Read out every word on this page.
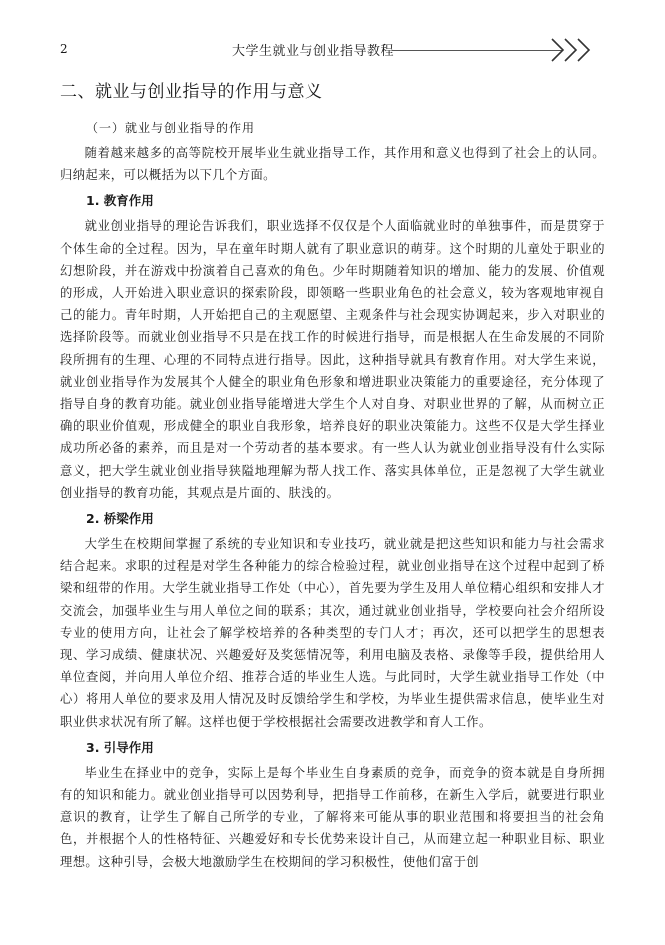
2	大学生就业与创业指导教程
二、就业与创业指导的作用与意义
（一）就业与创业指导的作用

随着越来越多的高等院校开展毕业生就业指导工作，其作用和意义也得到了社会上的认同。归纳起来，可以概括为以下几个方面。

1. 教育作用

就业创业指导的理论告诉我们，职业选择不仅仅是个人面临就业时的单独事件，而是贯穿于个体生命的全过程。因为，早在童年时期人就有了职业意识的萌芽。这个时期的儿童处于职业的幻想阶段，并在游戏中扮演着自己喜欢的角色。少年时期随着知识的增加、能力的发展、价值观的形成，人开始进入职业意识的探索阶段，即领略一些职业角色的社会意义，较为客观地审视自己的能力。青年时期，人开始把自己的主观愿望、主观条件与社会现实协调起来，步入对职业的选择阶段等。而就业创业指导不只是在找工作的时候进行指导，而是根据人在生命发展的不同阶段所拥有的生理、心理的不同特点进行指导。因此，这种指导就具有教育作用。对大学生来说，就业创业指导作为发展其个人健全的职业角色形象和增进职业决策能力的重要途径，充分体现了指导自身的教育功能。就业创业指导能增进大学生个人对自身、对职业世界的了解，从而树立正确的职业价值观，形成健全的职业自我形象，培养良好的职业决策能力。这些不仅是大学生择业成功所必备的素养，而且是对一个劳动者的基本要求。有一些人认为就业创业指导没有什么实际意义，把大学生就业创业指导狭隘地理解为帮人找工作、落实具体单位，正是忽视了大学生就业创业指导的教育功能，其观点是片面的、肤浅的。

2. 桥梁作用

大学生在校期间掌握了系统的专业知识和专业技巧，就业就是把这些知识和能力与社会需求结合起来。求职的过程是对学生各种能力的综合检验过程，就业创业指导在这个过程中起到了桥梁和纽带的作用。大学生就业指导工作处（中心），首先要为学生及用人单位精心组织和安排人才交流会，加强毕业生与用人单位之间的联系；其次，通过就业创业指导，学校要向社会介绍所设专业的使用方向，让社会了解学校培养的各种类型的专门人才；再次，还可以把学生的思想表现、学习成绩、健康状况、兴趣爱好及奖惩情况等，利用电脑及表格、录像等手段，提供给用人单位查阅，并向用人单位介绍、推荐合适的毕业生人选。与此同时，大学生就业指导工作处（中心）将用人单位的要求及用人情况及时反馈给学生和学校，为毕业生提供需求信息，使毕业生对职业供求状况有所了解。这样也便于学校根据社会需要改进教学和育人工作。

3. 引导作用

毕业生在择业中的竞争，实际上是每个毕业生自身素质的竞争，而竞争的资本就是自身所拥有的知识和能力。就业创业指导可以因势利导，把指导工作前移，在新生入学后，就要进行职业意识的教育，让学生了解自己所学的专业，了解将来可能从事的职业范围和将要担当的社会角色，并根据个人的性格特征、兴趣爱好和专长优势来设计自己，从而建立起一种职业目标、职业理想。这种引导，会极大地激励学生在校期间的学习积极性，使他们富于创
